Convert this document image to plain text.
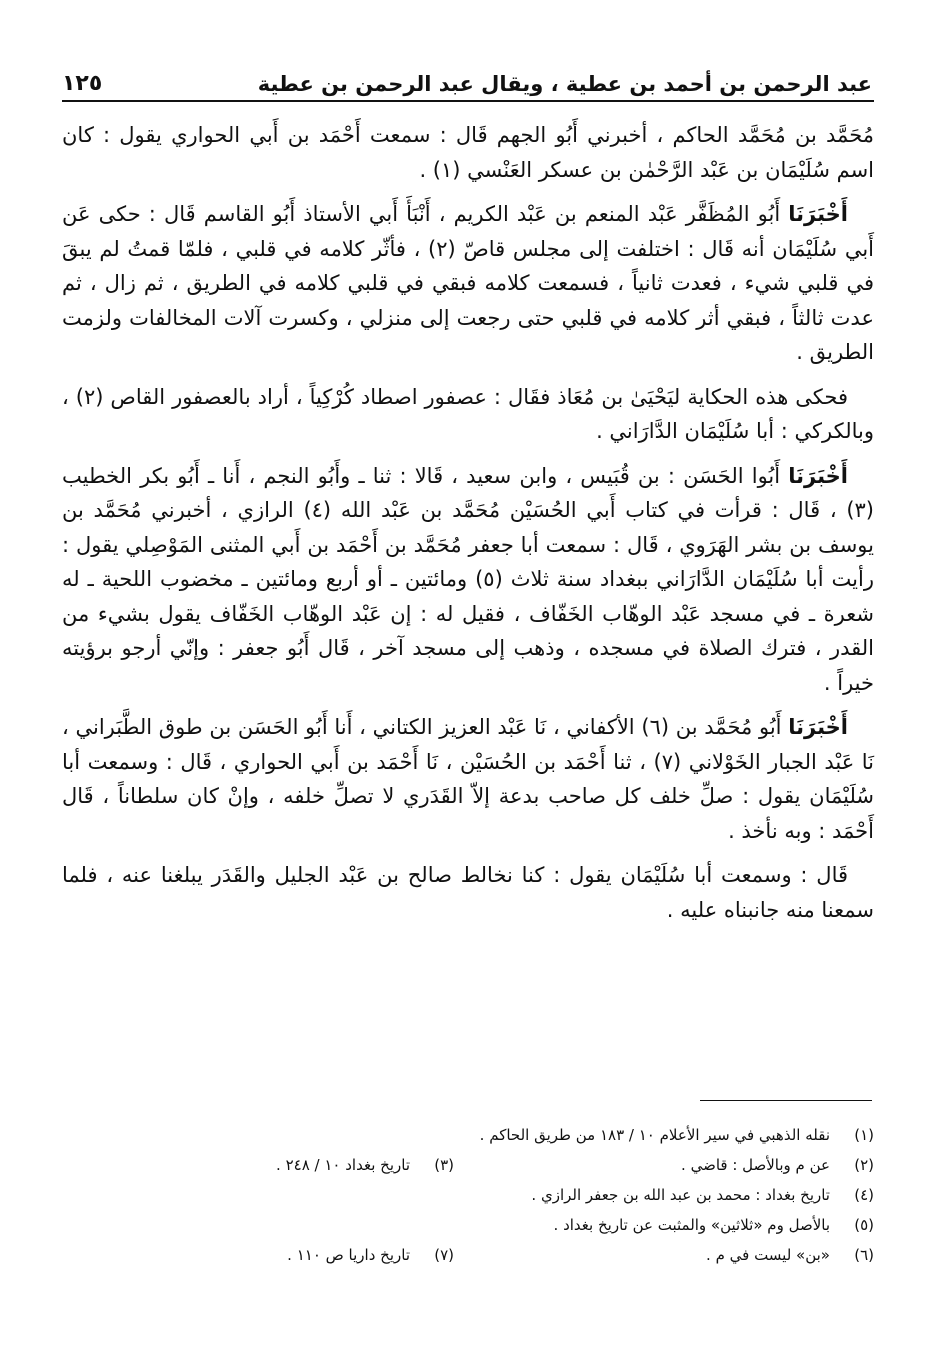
١٢٥	عبد الرحمن بن أحمد بن عطية ، ويقال عبد الرحمن بن عطية

مُحَمَّد بن مُحَمَّد الحاكم ، أخبرني أَبُو الجهم قَال : سمعت أَحْمَد بن أَبي الحواري يقول : كان اسم سُلَيْمَان بن عَبْد الرَّحْمٰن بن عسكر العَنْسي (١) .

أَخْبَرَنَا أَبُو المُظَفَّر عَبْد المنعم بن عَبْد الكريم ، أَنْبَأَ أَبي الأستاذ أَبُو القاسم قَال : حكى عَن أَبي سُلَيْمَان أنه قَال : اختلفت إلى مجلس قاصّ (٢) ، فأثّر كلامه في قلبي ، فلمّا قمتُ لم يبقَ في قلبي شيء ، فعدت ثانياً ، فسمعت كلامه فبقي في قلبي كلامه في الطريق ، ثم زال ، ثم عدت ثالثاً ، فبقي أثر كلامه في قلبي حتى رجعت إلى منزلي ، وكسرت آلات المخالفات ولزمت الطريق .

فحكى هذه الحكاية ليَحْيَىٰ بن مُعَاذ فقَال : عصفور اصطاد كُرْكِياً ، أراد بالعصفور القاص (٢) ، وبالكركي : أبا سُلَيْمَان الدَّارَاني .

أَخْبَرَنَا أَبُوا الحَسَن : بن قُبَيس ، وابن سعيد ، قَالا : ثنا ـ وأَبُو النجم ، أَنا ـ أَبُو بكر الخطيب (٣) ، قَال : قرأت في كتاب أَبي الحُسَيْن مُحَمَّد بن عَبْد الله (٤) الرازي ، أخبرني مُحَمَّد بن يوسف بن بشر الهَرَوي ، قَال : سمعت أبا جعفر مُحَمَّد بن أَحْمَد بن أَبي المثنى المَوْصِلي يقول : رأيت أبا سُلَيْمَان الدَّارَاني ببغداد سنة ثلاث (٥) ومائتين ـ أو أربع ومائتين ـ مخضوب اللحية ـ له شعرة ـ في مسجد عَبْد الوهّاب الخَفّاف ، فقيل له : إن عَبْد الوهّاب الخَفّاف يقول بشيء من القدر ، فترك الصلاة في مسجده ، وذهب إلى مسجد آخر ، قَال أَبُو جعفر : وإنّي أرجو برؤيته خيراً .

أَخْبَرَنَا أَبُو مُحَمَّد بن (٦) الأكفاني ، نَا عَبْد العزيز الكتاني ، أَنا أَبُو الحَسَن بن طوق الطَّبَراني ، نَا عَبْد الجبار الخَوْلاني (٧) ، ثنا أَحْمَد بن الحُسَيْن ، نَا أَحْمَد بن أَبي الحواري ، قَال : وسمعت أبا سُلَيْمَان يقول : صلِّ خلف كل صاحب بدعة إلاّ القَدَري لا تصلِّ خلفه ، وإنْ كان سلطاناً ، قَال أَحْمَد : وبه نأخذ .

قَال : وسمعت أبا سُلَيْمَان يقول : كنا نخالط صالح بن عَبْد الجليل والقَدَر يبلغنا عنه ، فلما سمعنا منه جانبناه عليه .

(١)
نقله الذهبي في سير الأعلام ١٠ / ١٨٣ من طريق الحاكم .
(٢)
عن م وبالأصل : قاضي .
(٣)
تاريخ بغداد ١٠ / ٢٤٨ .
(٤)
تاريخ بغداد : محمد بن عبد الله بن جعفر الرازي .
(٥)
بالأصل وم «ثلاثين» والمثبت عن تاريخ بغداد .
(٦)
«بن» ليست في م .
(٧)
تاريخ داريا ص ١١٠ .
